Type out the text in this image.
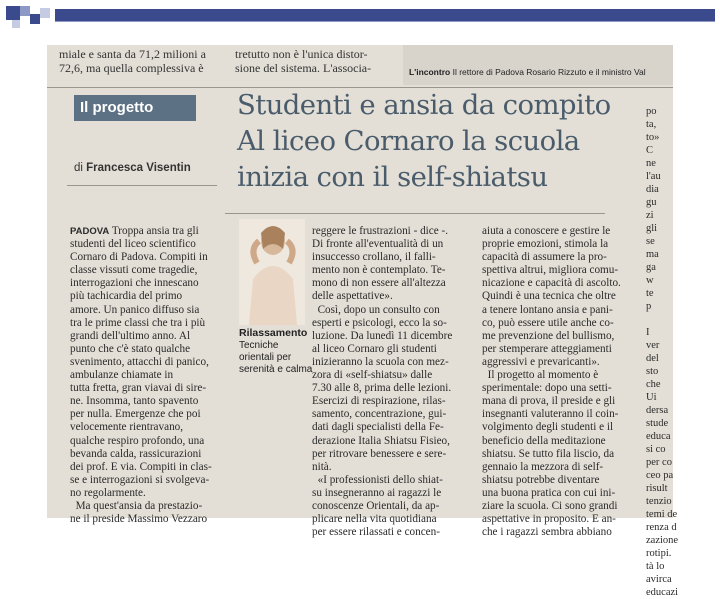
miale e santa da 71,2 milioni a
72,6, ma quella complessiva è
tretutto non è l'unica distor-
sione del sistema. L'associa-	L'incontro Il rettore di Padova Rosario Rizzuto e il ministro Val
Il progetto
di Francesca Visentin
Studenti e ansia da compito
Al liceo Cornaro la scuola
inizia con il self-shiatsu
PADOVA Troppa ansia tra gli
studenti del liceo scientifico
Cornaro di Padova. Compiti in
classe vissuti come tragedie,
interrogazioni che innescano
più tachicardia del primo
amore. Un panico diffuso sia
tra le prime classi che tra i più
grandi dell'ultimo anno. Al
punto che c'è stato qualche
svenimento, attacchi di panico,
ambulanze chiamate in
tutta fretta, gran viavai di sire-
ne. Insomma, tanto spavento
per nulla. Emergenze che poi
velocemente rientravano,
qualche respiro profondo, una
bevanda calda, rassicurazioni
dei prof. E via. Compiti in clas-
se e interrogazioni si svolgeva-
no regolarmente.
Ma quest'ansia da prestazio-
ne il preside Massimo Vezzaro
Rilassamento
Tecniche
orientali per
serenità e calma
reggere le frustrazioni - dice -.
Di fronte all'eventualità di un
insuccesso crollano, il falli-
mento non è contemplato. Te-
mono di non essere all'altezza
delle aspettative».
Così, dopo un consulto con
esperti e psicologi, ecco la so-
luzione. Da lunedì 11 dicembre
al liceo Cornaro gli studenti
inizieranno la scuola con mez-
zora di «self-shiatsu» dalle
7.30 alle 8, prima delle lezioni.
Esercizi di respirazione, rilas-
samento, concentrazione, gui-
dati dagli specialisti della Fe-
derazione Italia Shiatsu Fisieo,
per ritrovare benessere e sere-
nità.
«I professionisti dello shiat-
su insegneranno ai ragazzi le
conoscenze Orientali, da ap-
plicare nella vita quotidiana
per essere rilassati e concen-
aiuta a conoscere e gestire le
proprie emozioni, stimola la
capacità di assumere la pro-
spettiva altrui, migliora comu-
nicazione e capacità di ascolto.
Quindi è una tecnica che oltre
a tenere lontano ansia e pani-
co, può essere utile anche co-
me prevenzione del bullismo,
per stemperare atteggiamenti
aggressivi e prevaricanti».
Il progetto al momento è
sperimentale: dopo una setti-
mana di prova, il preside e gli
insegnanti valuteranno il coin-
volgimento degli studenti e il
beneficio della meditazione
shiatsu. Se tutto fila liscio, da
gennaio la mezzora di self-
shiatsu potrebbe diventare
una buona pratica con cui ini-
ziare la scuola. Ci sono grandi
aspettative in proposito. E an-
che i ragazzi sembra abbiano

po
ta,
to»
C
ne
l'au
dia
gu
zi
gli
se
ma
ga
w
te
p

I
ver
del
sto
che
Ui
dersa
stude
educa
si co
per co
ceo pa
risult
tenzio
temi de
renza d
zazione
rotipi.
tà lo
avirca
educazi
